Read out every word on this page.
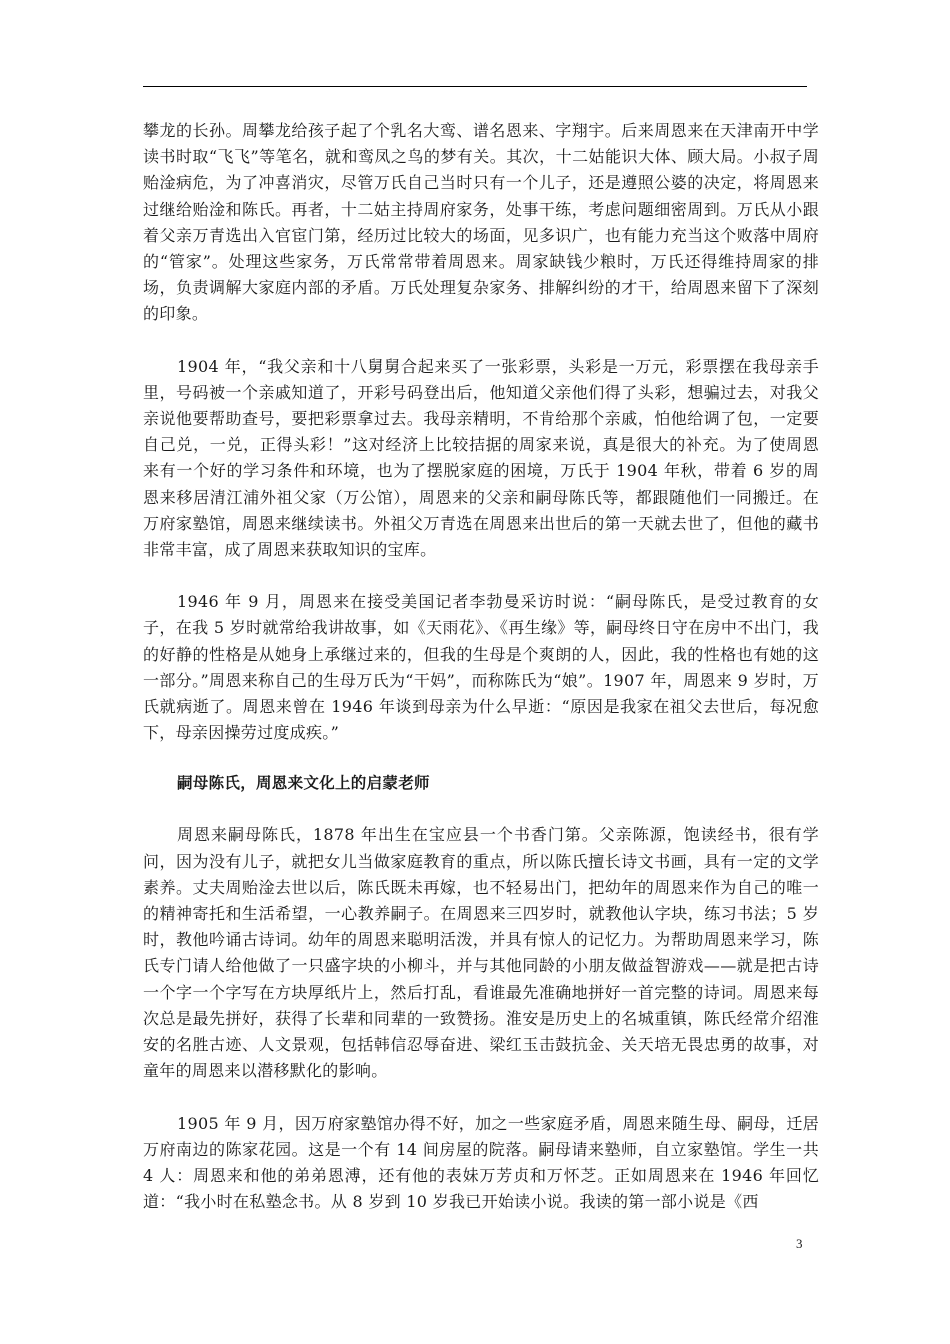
攀龙的长孙。周攀龙给孩子起了个乳名大鸾、谱名恩来、字翔宇。后来周恩来在天津南开中学读书时取“飞飞”等笔名，就和鸾凤之鸟的梦有关。其次，十二姑能识大体、顾大局。小叔子周贻淦病危，为了冲喜消灾，尽管万氏自己当时只有一个儿子，还是遵照公婆的决定，将周恩来过继给贻淦和陈氏。再者，十二姑主持周府家务，处事干练，考虑问题细密周到。万氏从小跟着父亲万青选出入官宦门第，经历过比较大的场面，见多识广，也有能力充当这个败落中周府的“管家”。处理这些家务，万氏常常带着周恩来。周家缺钱少粮时，万氏还得维持周家的排场，负责调解大家庭内部的矛盾。万氏处理复杂家务、排解纠纷的才干，给周恩来留下了深刻的印象。

1904 年，“我父亲和十八舅舅合起来买了一张彩票，头彩是一万元，彩票摆在我母亲手里，号码被一个亲戚知道了，开彩号码登出后，他知道父亲他们得了头彩，想骗过去，对我父亲说他要帮助查号，要把彩票拿过去。我母亲精明，不肯给那个亲戚，怕他给调了包，一定要自己兑，一兑，正得头彩！”这对经济上比较拮据的周家来说，真是很大的补充。为了使周恩来有一个好的学习条件和环境，也为了摆脱家庭的困境，万氏于 1904 年秋，带着 6 岁的周恩来移居清江浦外祖父家（万公馆），周恩来的父亲和嗣母陈氏等，都跟随他们一同搬迁。在万府家塾馆，周恩来继续读书。外祖父万青选在周恩来出世后的第一天就去世了，但他的藏书非常丰富，成了周恩来获取知识的宝库。

1946 年 9 月，周恩来在接受美国记者李勃曼采访时说：“嗣母陈氏，是受过教育的女子，在我 5 岁时就常给我讲故事，如《天雨花》、《再生缘》等，嗣母终日守在房中不出门，我的好静的性格是从她身上承继过来的，但我的生母是个爽朗的人，因此，我的性格也有她的这一部分。”周恩来称自己的生母万氏为“干妈”，而称陈氏为“娘”。1907 年，周恩来 9 岁时，万氏就病逝了。周恩来曾在 1946 年谈到母亲为什么早逝：“原因是我家在祖父去世后，每况愈下，母亲因操劳过度成疾。”

嗣母陈氏，周恩来文化上的启蒙老师

周恩来嗣母陈氏，1878 年出生在宝应县一个书香门第。父亲陈源，饱读经书，很有学问，因为没有儿子，就把女儿当做家庭教育的重点，所以陈氏擅长诗文书画，具有一定的文学素养。丈夫周贻淦去世以后，陈氏既未再嫁，也不轻易出门，把幼年的周恩来作为自己的唯一的精神寄托和生活希望，一心教养嗣子。在周恩来三四岁时，就教他认字块，练习书法；5 岁时，教他吟诵古诗词。幼年的周恩来聪明活泼，并具有惊人的记忆力。为帮助周恩来学习，陈氏专门请人给他做了一只盛字块的小柳斗，并与其他同龄的小朋友做益智游戏——就是把古诗一个字一个字写在方块厚纸片上，然后打乱，看谁最先准确地拼好一首完整的诗词。周恩来每次总是最先拼好，获得了长辈和同辈的一致赞扬。淮安是历史上的名城重镇，陈氏经常介绍淮安的名胜古迹、人文景观，包括韩信忍辱奋进、梁红玉击鼓抗金、关天培无畏忠勇的故事，对童年的周恩来以潜移默化的影响。

1905 年 9 月，因万府家塾馆办得不好，加之一些家庭矛盾，周恩来随生母、嗣母，迁居万府南边的陈家花园。这是一个有 14 间房屋的院落。嗣母请来塾师，自立家塾馆。学生一共 4 人：周恩来和他的弟弟恩溥，还有他的表妹万芳贞和万怀芝。正如周恩来在 1946 年回忆道：“我小时在私塾念书。从 8 岁到 10 岁我已开始读小说。我读的第一部小说是《西

3
